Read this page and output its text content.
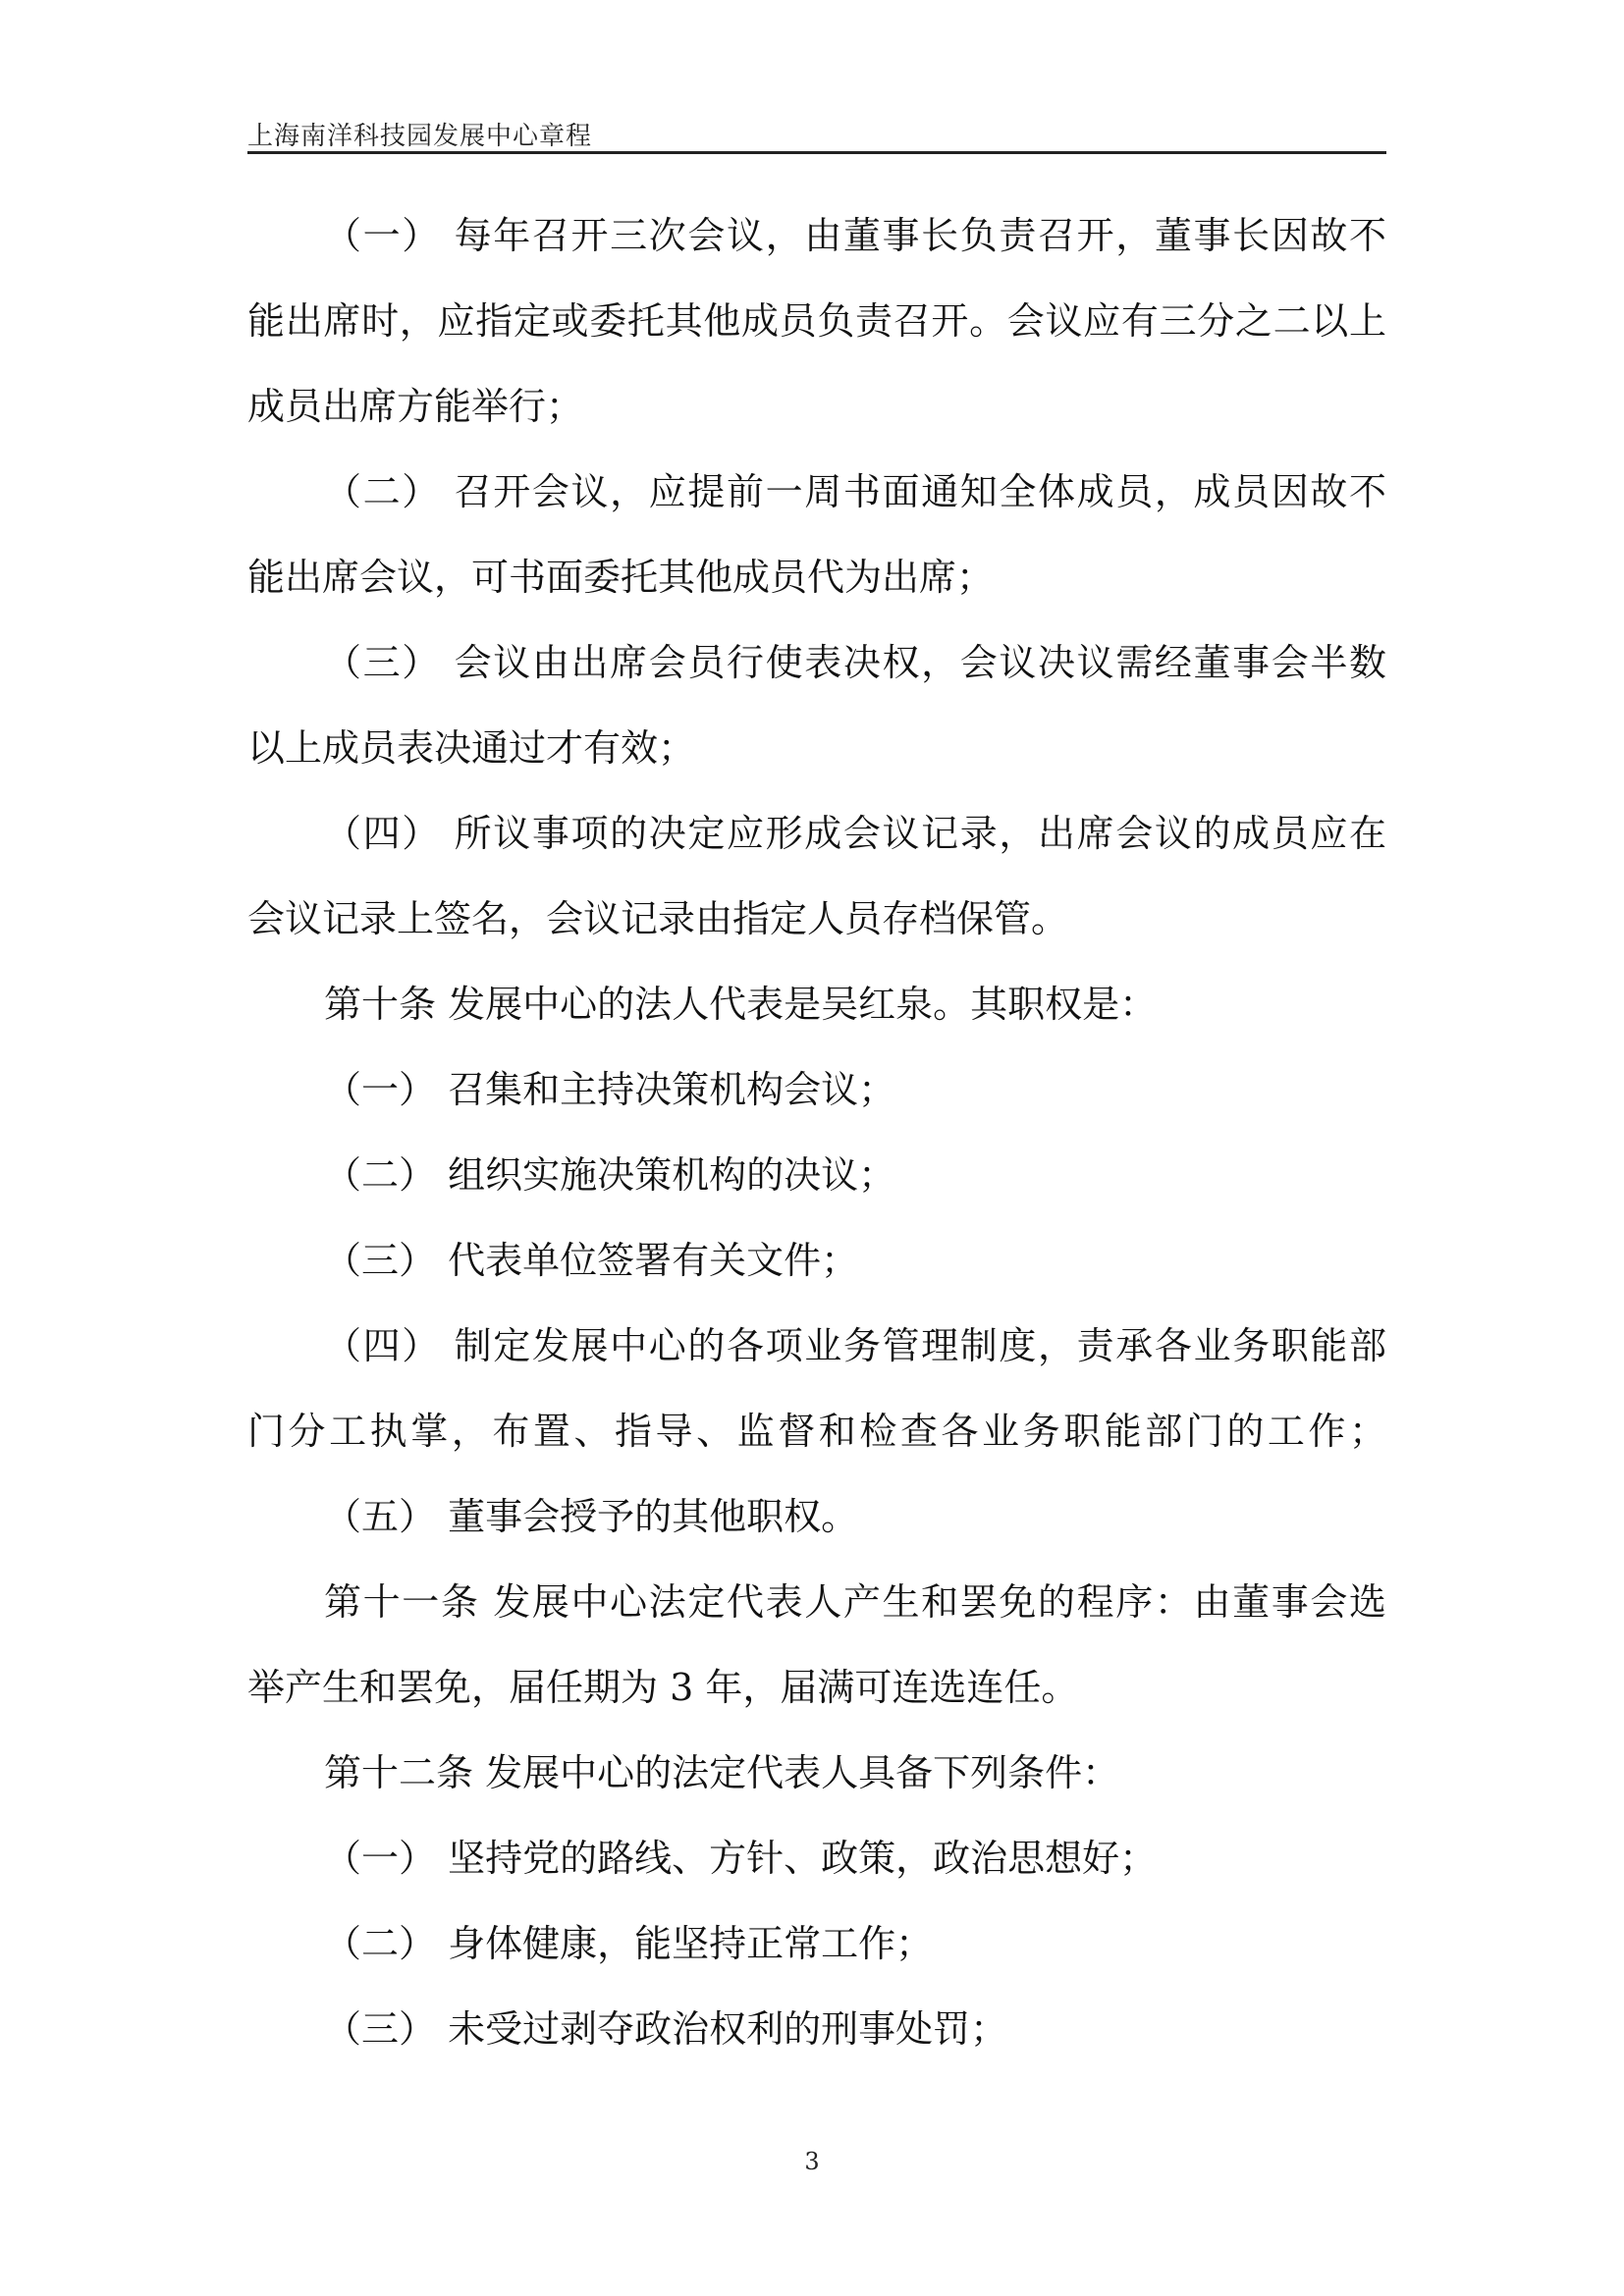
上海南洋科技园发展中心章程
（一） 每年召开三次会议，由董事长负责召开，董事长因故不
能出席时，应指定或委托其他成员负责召开。会议应有三分之二以上
成员出席方能举行；
（二） 召开会议，应提前一周书面通知全体成员，成员因故不
能出席会议，可书面委托其他成员代为出席；
（三） 会议由出席会员行使表决权，会议决议需经董事会半数
以上成员表决通过才有效；
（四） 所议事项的决定应形成会议记录，出席会议的成员应在
会议记录上签名，会议记录由指定人员存档保管。
第十条 发展中心的法人代表是吴红泉。其职权是：
（一） 召集和主持决策机构会议；
（二） 组织实施决策机构的决议；
（三） 代表单位签署有关文件；
（四） 制定发展中心的各项业务管理制度，责承各业务职能部
门分工执掌，布置、指导、监督和检查各业务职能部门的工作；
（五） 董事会授予的其他职权。
第十一条 发展中心法定代表人产生和罢免的程序：由董事会选
举产生和罢免，届任期为 3 年，届满可连选连任。
第十二条 发展中心的法定代表人具备下列条件：
（一） 坚持党的路线、方针、政策，政治思想好；
（二） 身体健康，能坚持正常工作；
（三） 未受过剥夺政治权利的刑事处罚；
3
